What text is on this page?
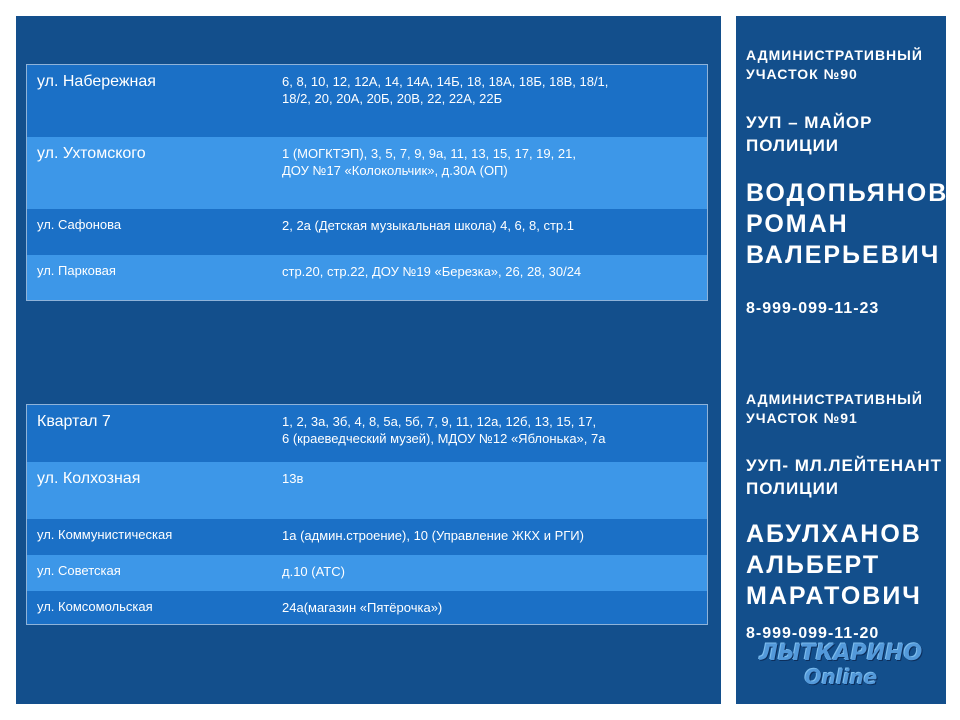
ул. Набережная	6, 8, 10, 12, 12А, 14, 14А, 14Б, 18, 18А, 18Б, 18В, 18/1,
18/2, 20, 20А, 20Б, 20В, 22, 22А, 22Б

ул. Ухтомского	1 (МОГКТЭП), 3, 5, 7, 9, 9а, 11, 13, 15, 17, 19, 21,
ДОУ №17 «Колокольчик», д.30А (ОП)

ул. Сафонова	2, 2а (Детская музыкальная школа) 4, 6, 8, стр.1

ул. Парковая	стр.20, стр.22, ДОУ №19 «Березка», 26, 28, 30/24
Квартал 7	1, 2, 3а, 3б, 4, 8, 5а, 5б, 7, 9, 11, 12а, 12б, 13, 15, 17,
6 (краеведческий музей), МДОУ №12 «Яблонька», 7а

ул. Колхозная	13в

ул. Коммунистическая	1а (админ.строение), 10 (Управление ЖКХ и РГИ)

ул. Советская	д.10 (АТС)

ул. Комсомольская	24а(магазин «Пятёрочка»)
АДМИНИСТРАТИВНЫЙ
УЧАСТОК №90
УУП – МАЙОР
ПОЛИЦИИ
ВОДОПЬЯНОВ
РОМАН
ВАЛЕРЬЕВИЧ
8-999-099-11-23
АДМИНИСТРАТИВНЫЙ
УЧАСТОК №91
УУП- МЛ.ЛЕЙТЕНАНТ
ПОЛИЦИИ
АБУЛХАНОВ
АЛЬБЕРТ
МАРАТОВИЧ
8-999-099-11-20
ЛЫТКАРИНО
Online
